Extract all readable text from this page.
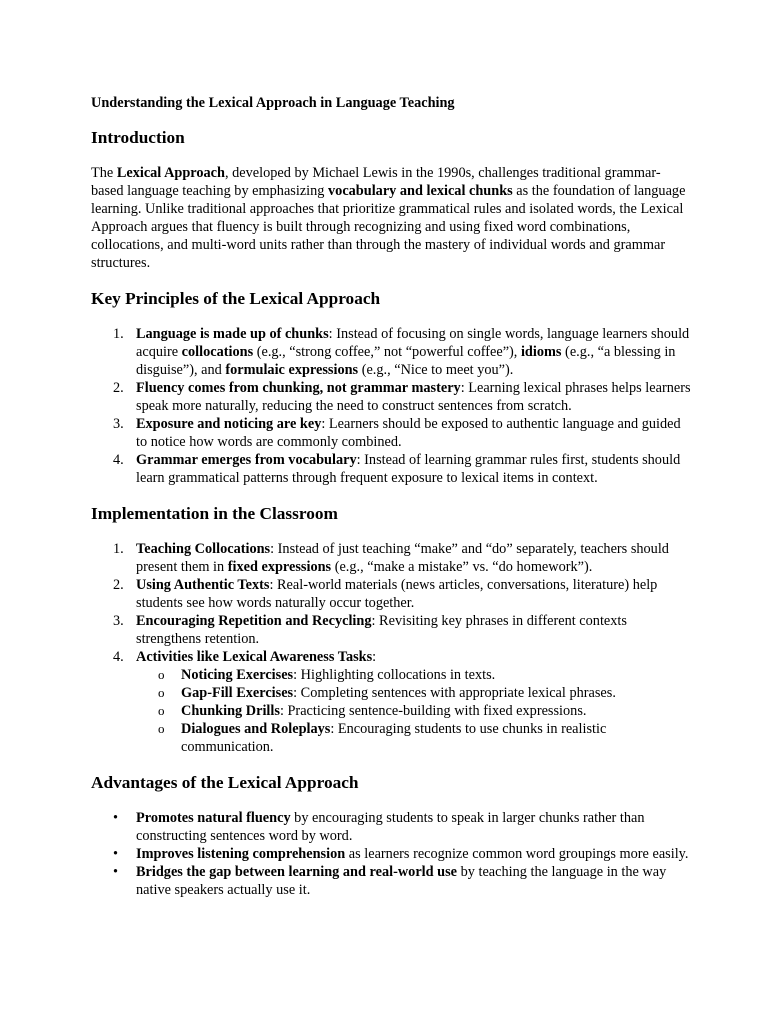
Understanding the Lexical Approach in Language Teaching

Introduction

The Lexical Approach, developed by Michael Lewis in the 1990s, challenges traditional grammar-based language teaching by emphasizing vocabulary and lexical chunks as the foundation of language learning. Unlike traditional approaches that prioritize grammatical rules and isolated words, the Lexical Approach argues that fluency is built through recognizing and using fixed word combinations, collocations, and multi-word units rather than through the mastery of individual words and grammar structures.

Key Principles of the Lexical Approach
1. Language is made up of chunks: Instead of focusing on single words, language learners should acquire collocations (e.g., “strong coffee,” not “powerful coffee”), idioms (e.g., “a blessing in disguise”), and formulaic expressions (e.g., “Nice to meet you”).
2. Fluency comes from chunking, not grammar mastery: Learning lexical phrases helps learners speak more naturally, reducing the need to construct sentences from scratch.
3. Exposure and noticing are key: Learners should be exposed to authentic language and guided to notice how words are commonly combined.
4. Grammar emerges from vocabulary: Instead of learning grammar rules first, students should learn grammatical patterns through frequent exposure to lexical items in context.
Implementation in the Classroom
1. Teaching Collocations: Instead of just teaching “make” and “do” separately, teachers should present them in fixed expressions (e.g., “make a mistake” vs. “do homework”).
2. Using Authentic Texts: Real-world materials (news articles, conversations, literature) help students see how words naturally occur together.
3. Encouraging Repetition and Recycling: Revisiting key phrases in different contexts strengthens retention.
4. Activities like Lexical Awareness Tasks:
o Noticing Exercises: Highlighting collocations in texts.
o Gap-Fill Exercises: Completing sentences with appropriate lexical phrases.
o Chunking Drills: Practicing sentence-building with fixed expressions.
o Dialogues and Roleplays: Encouraging students to use chunks in realistic communication.
Advantages of the Lexical Approach
• Promotes natural fluency by encouraging students to speak in larger chunks rather than constructing sentences word by word.
• Improves listening comprehension as learners recognize common word groupings more easily.
• Bridges the gap between learning and real-world use by teaching the language in the way native speakers actually use it.
